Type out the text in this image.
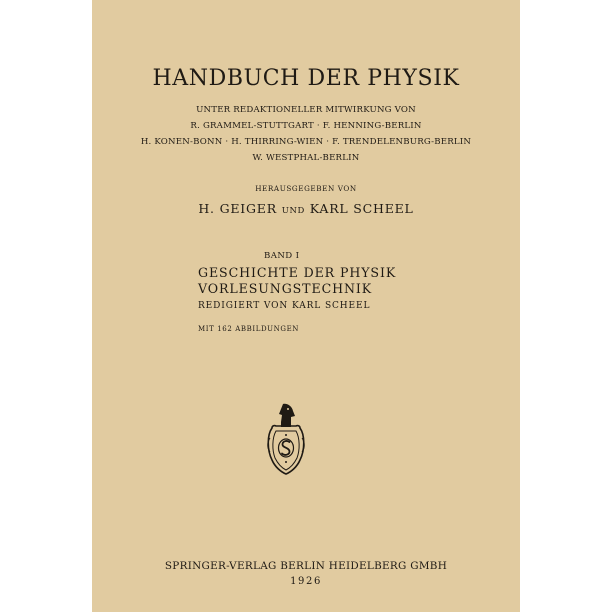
HANDBUCH DER PHYSIK
UNTER REDAKTIONELLER MITWIRKUNG VON
R. GRAMMEL-STUTTGART · F. HENNING-BERLIN
H. KONEN-BONN · H. THIRRING-WIEN · F. TRENDELENBURG-BERLIN
W. WESTPHAL-BERLIN
HERAUSGEGEBEN VON
H. GEIGER UND KARL SCHEEL
BAND I
GESCHICHTE DER PHYSIK
VORLESUNGSTECHNIK
REDIGIERT VON KARL SCHEEL
MIT 162 ABBILDUNGEN
SPRINGER-VERLAG BERLIN HEIDELBERG GMBH
1926
